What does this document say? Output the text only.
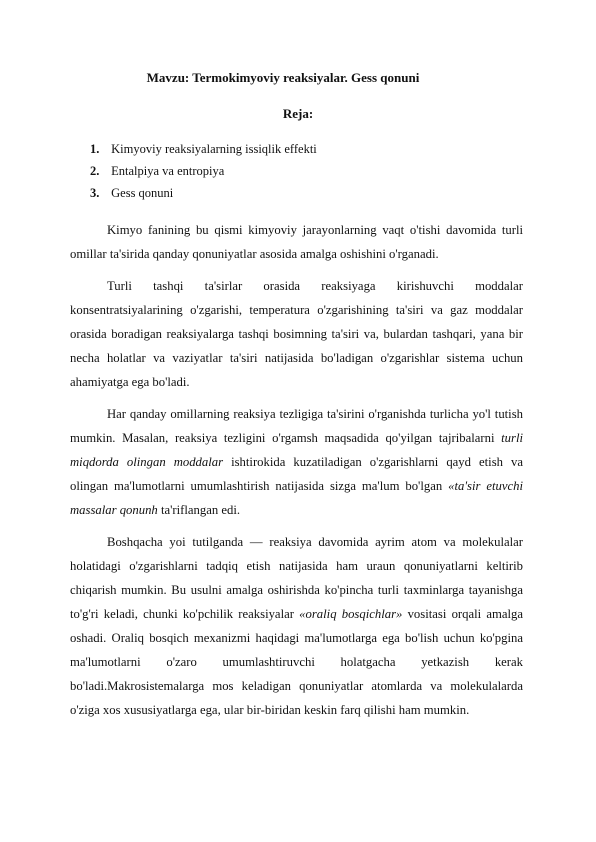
Mavzu: Termokimyoviy reaksiyalar. Gess qonuni
Reja:
1. Kimyoviy reaksiyalarning issiqlik effekti
2. Entalpiya va entropiya
3. Gess qonuni

Kimyo fanining bu qismi kimyoviy jarayonlarning vaqt o'tishi davomida turli omillar ta'sirida qanday qonuniyatlar asosida amalga oshishini o'rganadi.

Turli tashqi ta'sirlar orasida reaksiyaga kirishuvchi moddalar konsentratsiyalarining o'zgarishi, temperatura o'zgarishining ta'siri va gaz moddalar orasida boradigan reaksiyalarga tashqi bosimning ta'siri va, bulardan tashqari, yana bir necha holatlar va vaziyatlar ta'siri natijasida bo'ladigan o'zgarishlar sistema uchun ahamiyatga ega bo'ladi.

Har qanday omillarning reaksiya tezligiga ta'sirini o'rganishda turlicha yo'l tutish mumkin. Masalan, reaksiya tezligini o'rgamsh maqsadida qo'yilgan tajribalarni turli miqdorda olingan moddalar ishtirokida kuzatiladigan o'zgarishlarni qayd etish va olingan ma'lumotlarni umumlashtirish natijasida sizga ma'lum bo'lgan «ta'sir etuvchi massalar qonunh ta'riflangan edi.

Boshqacha yoi tutilganda — reaksiya davomida ayrim atom va molekulalar holatidagi o'zgarishlarni tadqiq etish natijasida ham uraun qonuniyatlarni keltirib chiqarish mumkin. Bu usulni amalga oshirishda ko'pincha turli taxminlarga tayanishga to'g'ri keladi, chunki ko'pchilik reaksiyalar «oraliq bosqichlar» vositasi orqali amalga oshadi. Oraliq bosqich mexanizmi haqidagi ma'lumotlarga ega bo'lish uchun ko'pgina ma'lumotlarni o'zaro umumlashtiruvchi holatgacha yetkazish kerak bo'ladi.Makrosistemalarga mos keladigan qonuniyatlar atomlarda va molekulalarda o'ziga xos xususiyatlarga ega, ular bir-biridan keskin farq qilishi ham mumkin.
